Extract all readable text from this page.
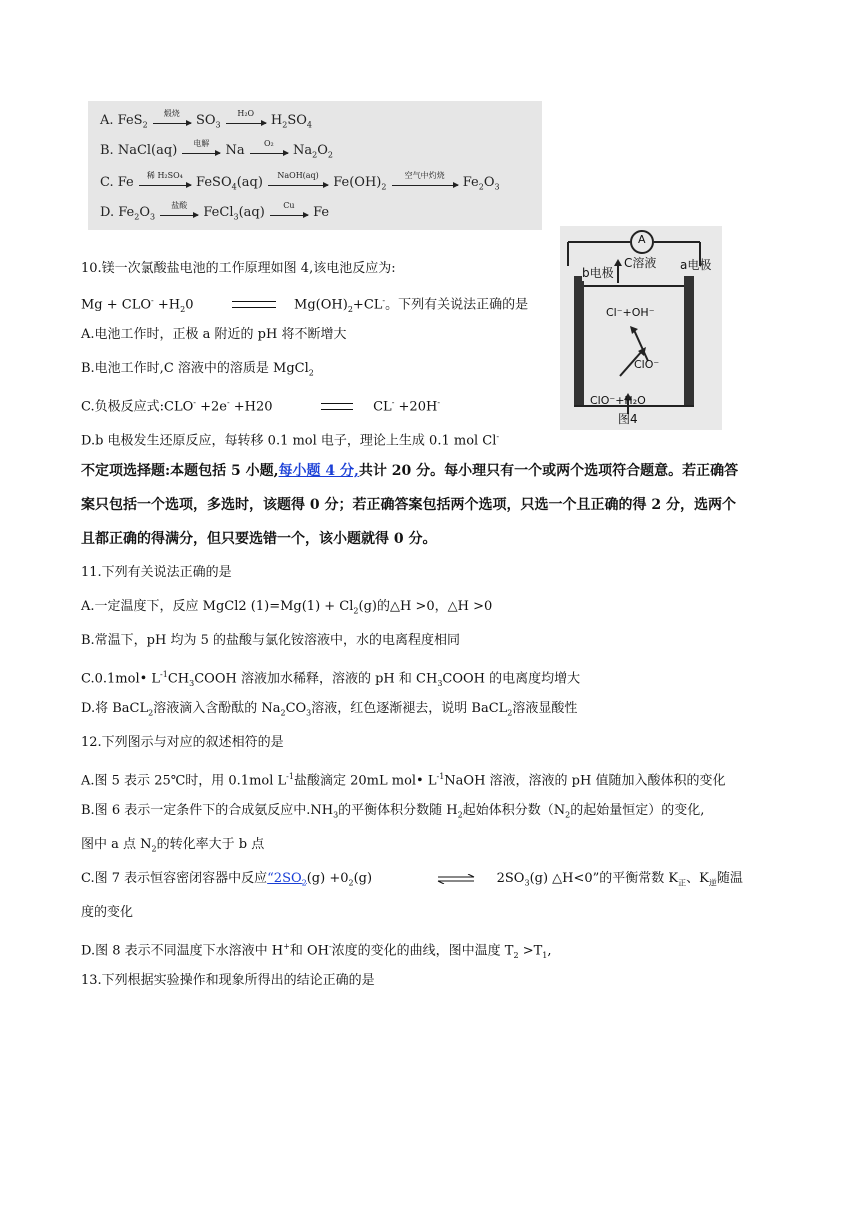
A. FeS$_2$
煅烧	$SO_3$
H₂O	$H_2SO_4$
B. NaCl(aq)	电解	Na	O₂	$Na_2O_2$
C. Fe	稀 H₂SO₄	FeSO$_4$(aq)	NaOH(aq)	$Fe(OH)_2$
空气中灼烧	$Fe_2O_3$
D. $Fe_2O_3$
盐酸	FeCl$_3$(aq)	Cu	Fe
A
b电极
C溶液 a电极
Cl⁻+OH⁻
ClO⁻
ClO⁻+H₂O
图4
10.镁一次氯酸盐电池的工作原理如图 4,该电池反应为:
$Mg + CLO^- +H_20$	$Mg(OH)_2+CL^-$。下列有关说法正确的是
A.电池工作时，正极 a 附近的 pH 将不断增大
B.电池工作时,C 溶液中的溶质是 MgCl$_2$
C.负极反应式:CLO- +2e- +H20	CL- +20H-
D.b 电极发生还原反应，每转移 0.1 mol 电子，理论上生成 0.1 mol Cl-
不定项选择题:本题包括 5 小题,每小题 4 分,共计 20 分。每小理只有一个或两个选项符合题意。若正确答
案只包括一个选项，多选时，该题得 0 分；若正确答案包括两个选项，只选一个且正确的得 2 分，选两个
且都正确的得满分，但只要选错一个，该小题就得 0 分。
11.下列有关说法正确的是
A.一定温度下，反应 MgCl2 $(1)=Mg(1) + Cl_2(g)$的△H >0，△H >0
B.常温下，pH 均为 5 的盐酸与氯化铵溶液中，水的电离程度相同
C.0.1mol• $L^{-1}CH_3COOH$ 溶液加水稀释，溶液的 pH 和 $CH_3COOH$ 的电离度均增大
D.将 BaCL$_2$溶液滴入含酚酞的 $Na_2CO_3$溶液，红色逐渐褪去，说明 BaCL$_2$溶液显酸性
12.下列图示与对应的叙述相符的是
A.图 5 表示 25℃时，用 0.1mol $L^{-1}$盐酸滴定 20mL mol• $L^{-1}NaOH$ 溶液，溶液的 pH 值随加入酸体积的变化
B.图 6 表示一定条件下的合成氨反应中$.NH_3$的平衡体积分数随 $H_2$起始体积分数（$N_2$的起始量恒定）的变化,
图中 a 点 $N_2$的转化率大于 b 点
C.图 7 表示恒容密闭容器中反应“$2SO_2(g) +0_2(g)$	$2SO_3(g)$ △H<0”的平衡常数 $K_正$、$K_逆$随温
度的变化
D.图 8 表示不同温度下水溶液中 H+和 OH-浓度的变化的曲线，图中温度 $T_2 >T_1$,
13.下列根据实验操作和现象所得出的结论正确的是
